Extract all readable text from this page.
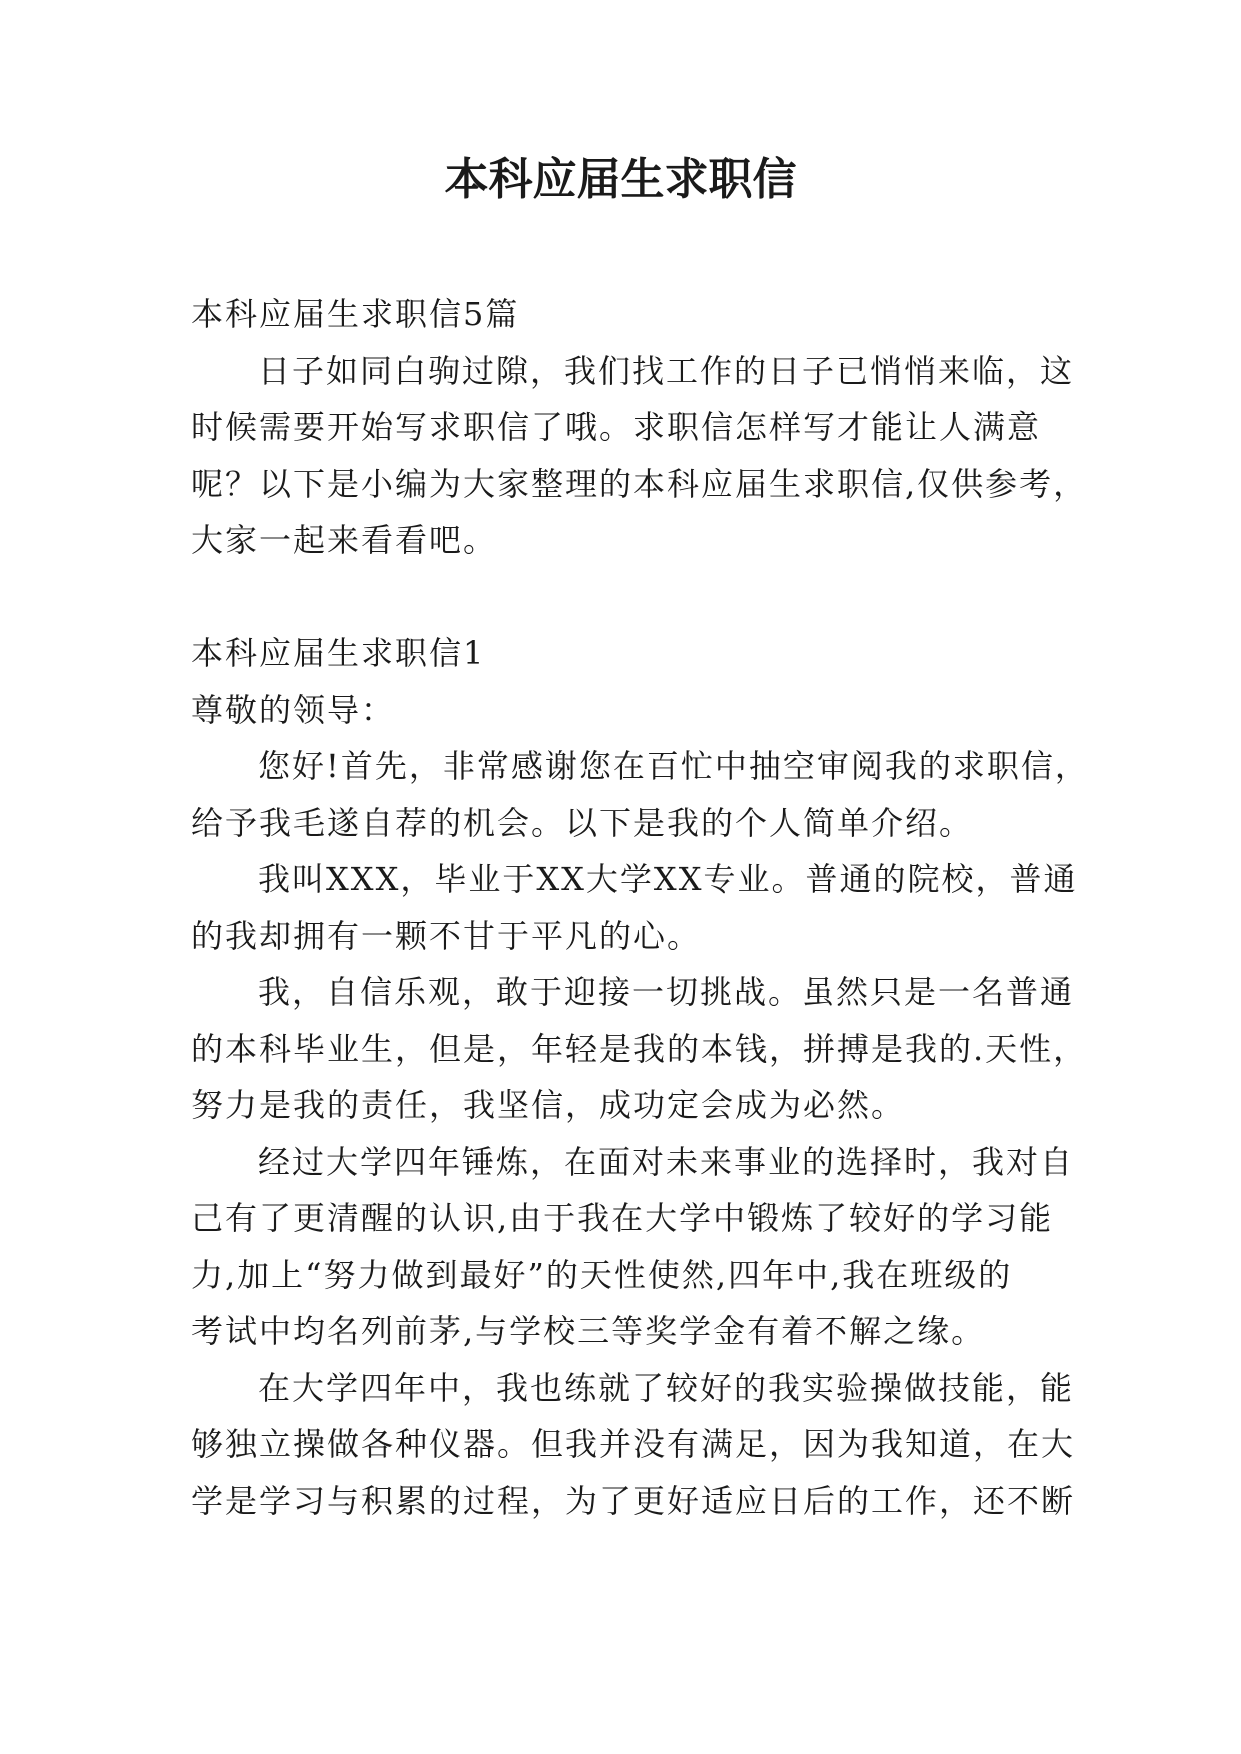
本科应届生求职信

本科应届生求职信5篇

日子如同白驹过隙，我们找工作的日子已悄悄来临，这
时候需要开始写求职信了哦。求职信怎样写才能让人满意
呢？以下是小编为大家整理的本科应届生求职信,仅供参考，
大家一起来看看吧。

本科应届生求职信1

尊敬的领导：

您好!首先，非常感谢您在百忙中抽空审阅我的求职信，
给予我毛遂自荐的机会。以下是我的个人简单介绍。
我叫XXX，毕业于XX大学XX专业。普通的院校，普通
的我却拥有一颗不甘于平凡的心。
我，自信乐观，敢于迎接一切挑战。虽然只是一名普通
的本科毕业生，但是，年轻是我的本钱，拼搏是我的.天性，
努力是我的责任，我坚信，成功定会成为必然。
经过大学四年锤炼，在面对未来事业的选择时，我对自
己有了更清醒的认识,由于我在大学中锻炼了较好的学习能
力,加上“努力做到最好”的天性使然,四年中,我在班级的
考试中均名列前茅,与学校三等奖学金有着不解之缘。
在大学四年中，我也练就了较好的我实验操做技能，能
够独立操做各种仪器。但我并没有满足，因为我知道，在大
学是学习与积累的过程，为了更好适应日后的工作，还不断
